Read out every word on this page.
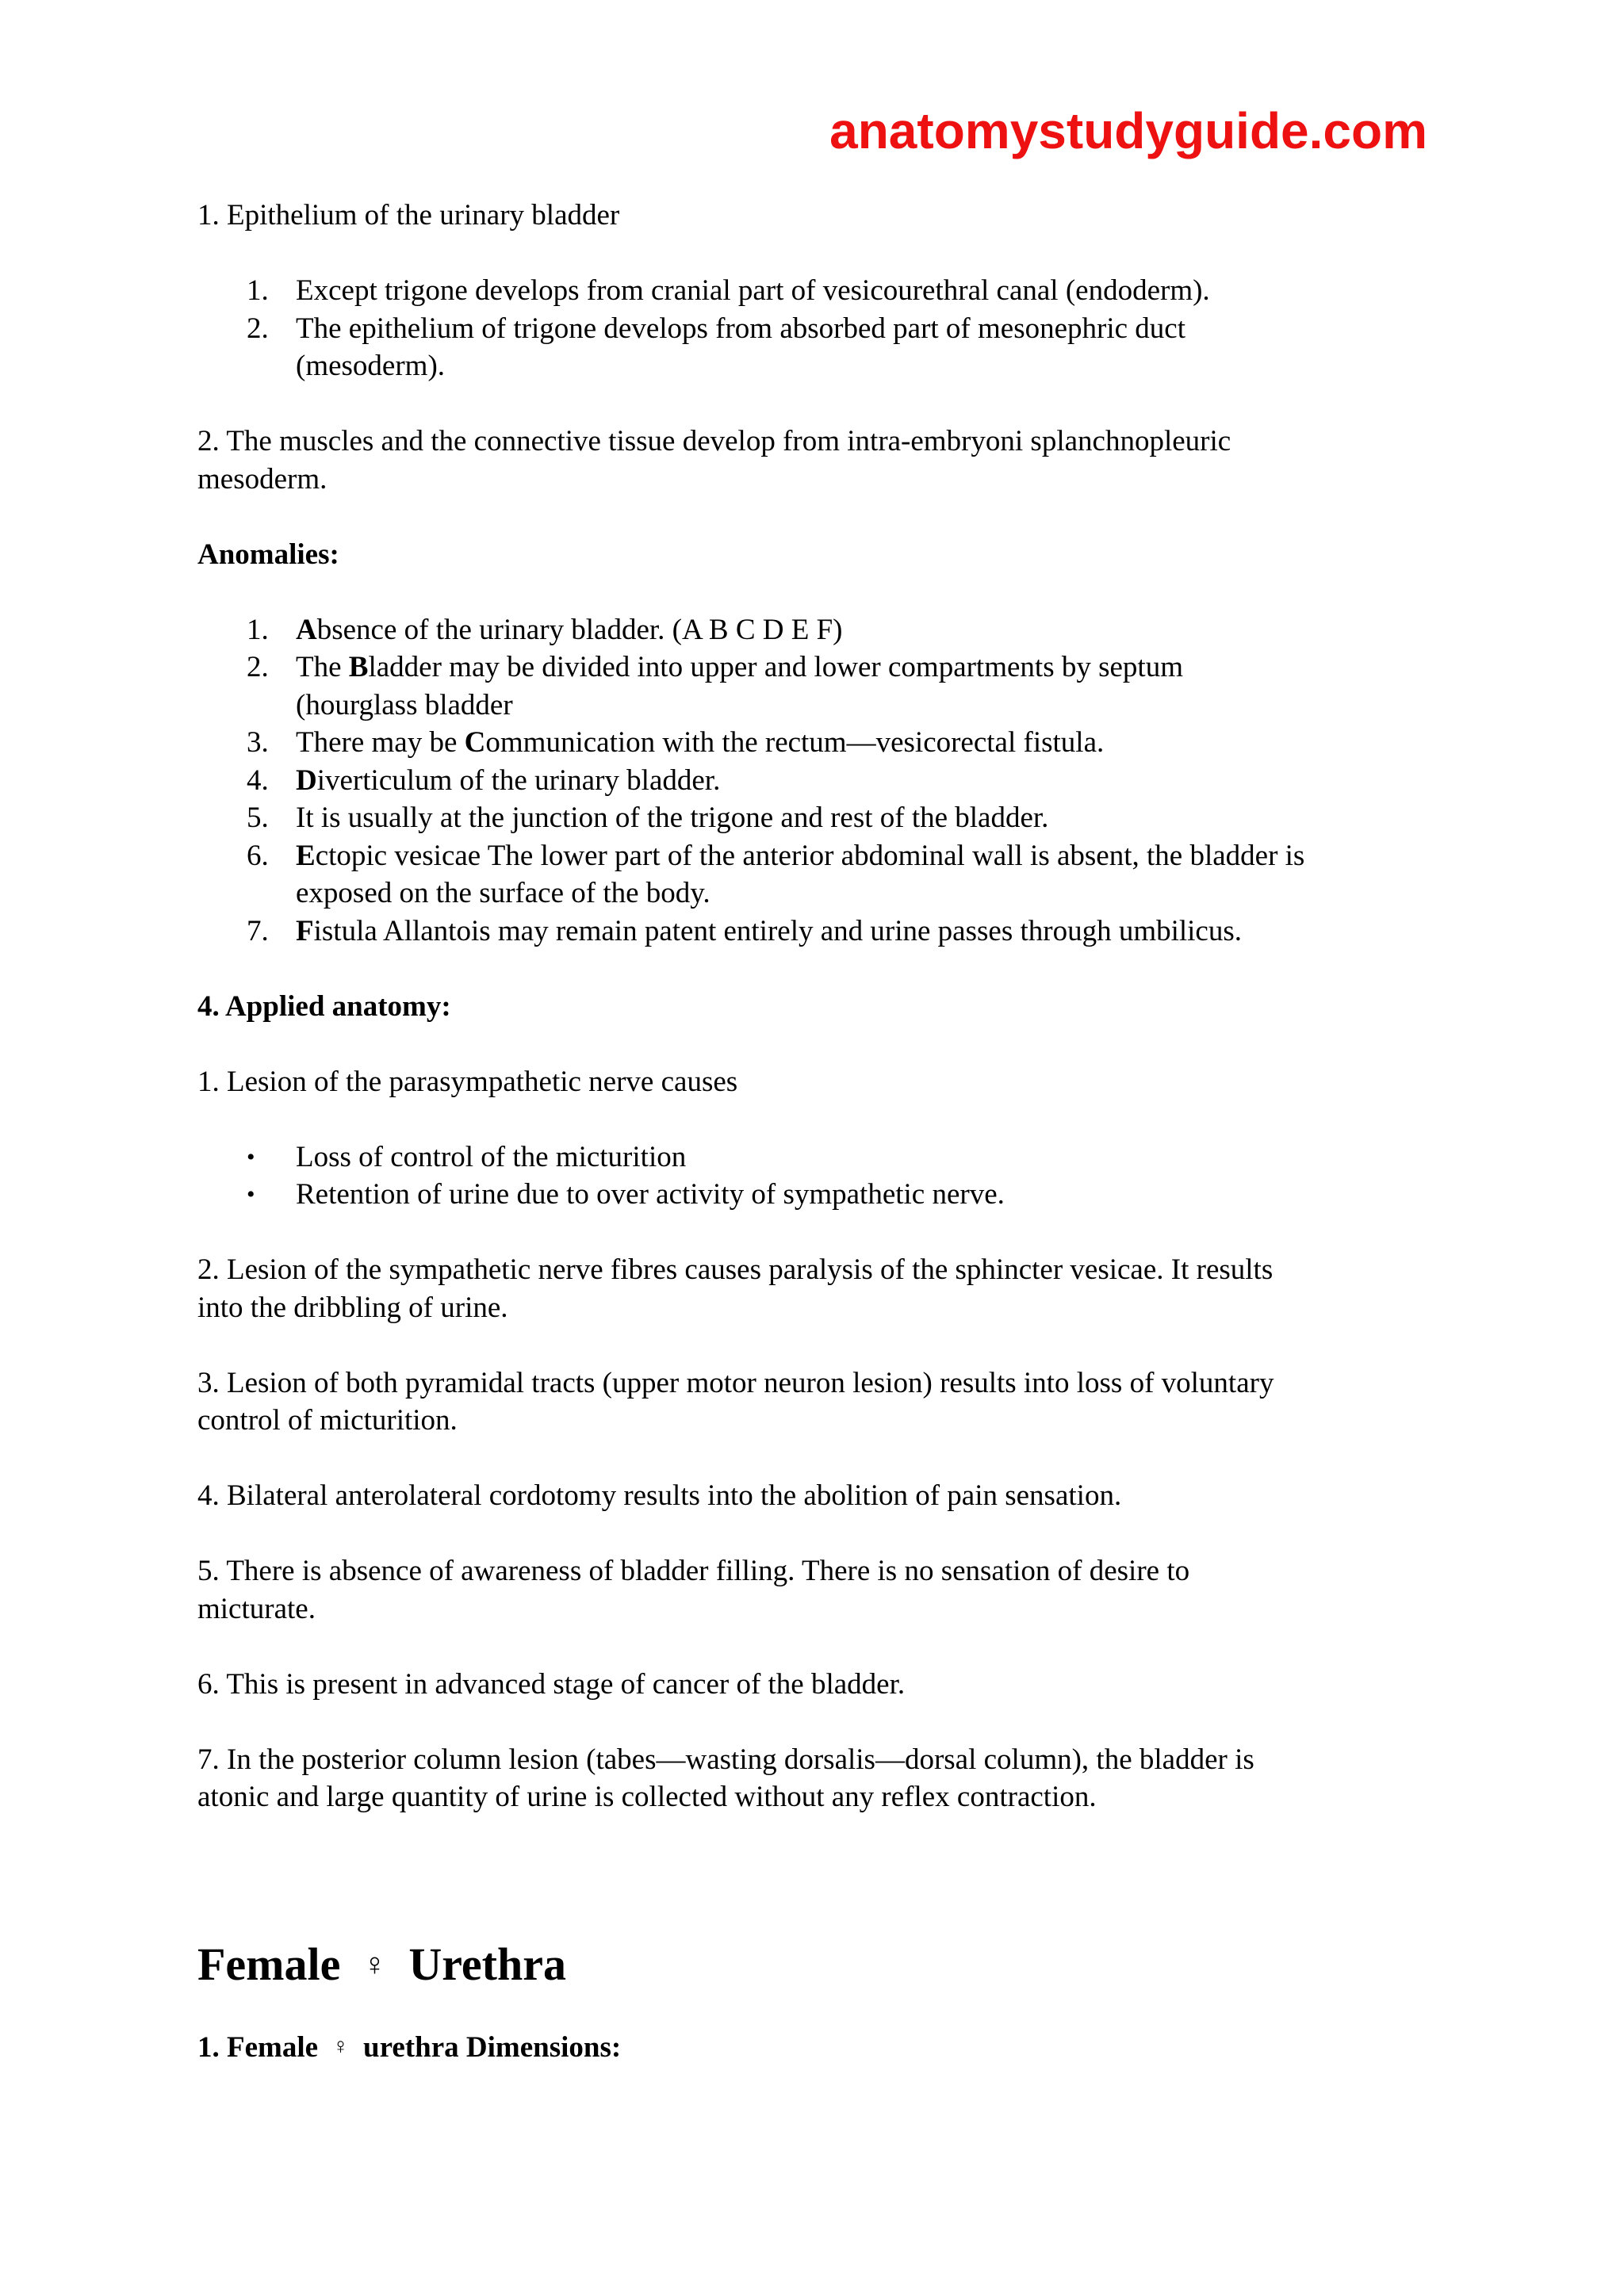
anatomystudyguide.com

1. Epithelium of the urinary bladder

1. Except trigone develops from cranial part of vesicourethral canal (endoderm).
2. The epithelium of trigone develops from absorbed part of mesonephric duct
(mesoderm).

2. The muscles and the connective tissue develop from intra-embryoni splanchnopleuric

mesoderm.

Anomalies:

1. Absence of the urinary bladder. (A B C D E F)
2. The Bladder may be divided into upper and lower compartments by septum
(hourglass bladder
3. There may be Communication with the rectum—vesicorectal fistula.
4. Diverticulum of the urinary bladder.
5. It is usually at the junction of the trigone and rest of the bladder.
6. Ectopic vesicae The lower part of the anterior abdominal wall is absent, the bladder is
exposed on the surface of the body.
7. Fistula Allantois may remain patent entirely and urine passes through umbilicus.

4. Applied anatomy:

1. Lesion of the parasympathetic nerve causes

• Loss of control of the micturition
• Retention of urine due to over activity of sympathetic nerve.

2. Lesion of the sympathetic nerve fibres causes paralysis of the sphincter vesicae. It results

into the dribbling of urine.

3. Lesion of both pyramidal tracts (upper motor neuron lesion) results into loss of voluntary

control of micturition.

4. Bilateral anterolateral cordotomy results into the abolition of pain sensation.

5. There is absence of awareness of bladder filling. There is no sensation of desire to

micturate.

6. This is present in advanced stage of cancer of the bladder.

7. In the posterior column lesion (tabes—wasting dorsalis—dorsal column), the bladder is

atonic and large quantity of urine is collected without any reflex contraction.

Female ♀ Urethra

1. Female ♀ urethra Dimensions:
